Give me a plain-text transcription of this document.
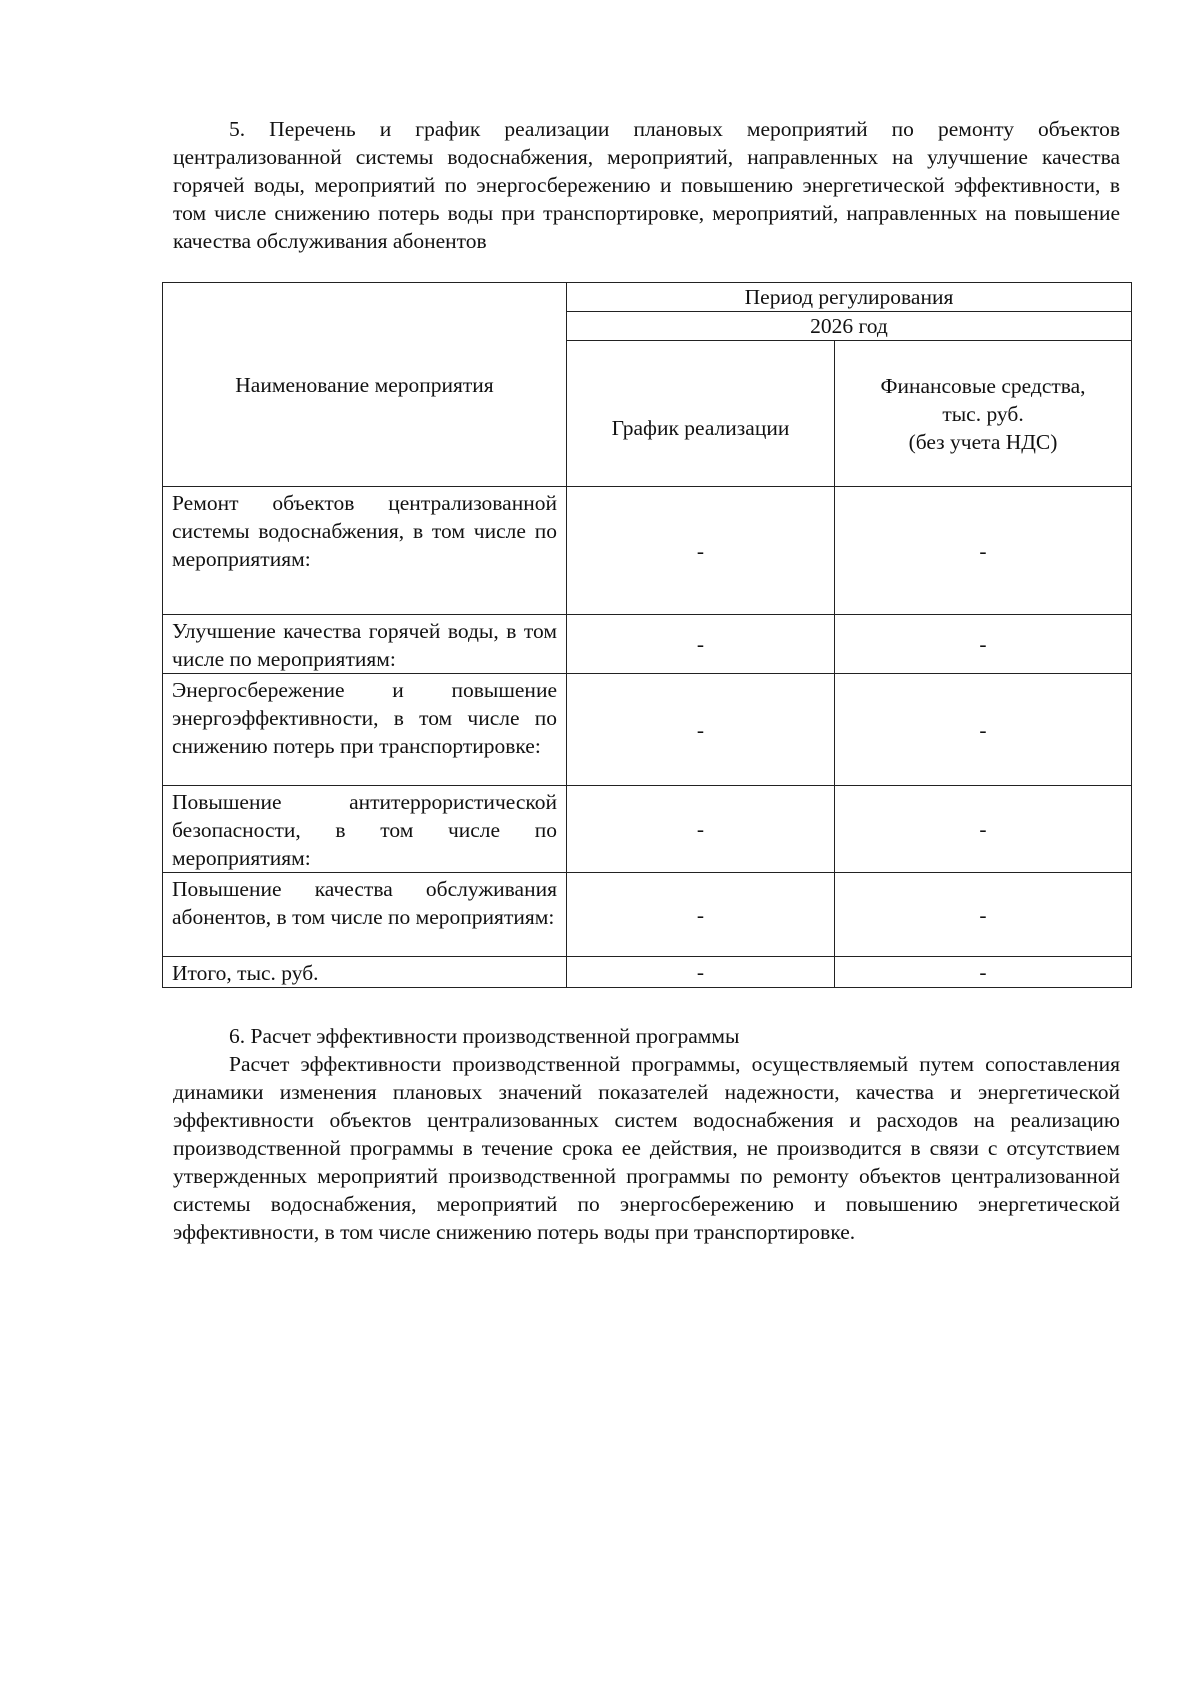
5. Перечень и график реализации плановых мероприятий по ремонту объектов централизованной системы водоснабжения, мероприятий, направленных на улучшение качества горячей воды, мероприятий по энергосбережению и повышению энергетической эффективности, в том числе снижению потерь воды при транспортировке, мероприятий, направленных на повышение качества обслуживания абонентов

Наименование мероприятия	Период регулирования	
	2026 год	
	График реализации	Финансовые средства,
тыс. руб.
(без учета НДС)

Ремонт объектов централизованной системы водоснабжения, в том числе по мероприятиям:	-	-
Улучшение качества горячей воды, в том числе по мероприятиям:	-	-
Энергосбережение и повышение энергоэффективности, в том числе по снижению потерь при транспортировке:	-	-
Повышение антитеррористической безопасности, в том числе по мероприятиям:	-	-
Повышение качества обслуживания абонентов, в том числе по мероприятиям:	-	-
Итого, тыс. руб.	-	-

6. Расчет эффективности производственной программы

Расчет эффективности производственной программы, осуществляемый путем сопоставления динамики изменения плановых значений показателей надежности, качества и энергетической эффективности объектов централизованных систем водоснабжения и расходов на реализацию производственной программы в течение срока ее действия, не производится в связи с отсутствием утвержденных мероприятий производственной программы по ремонту объектов централизованной системы водоснабжения, мероприятий по энергосбережению и повышению энергетической эффективности, в том числе снижению потерь воды при транспортировке.
